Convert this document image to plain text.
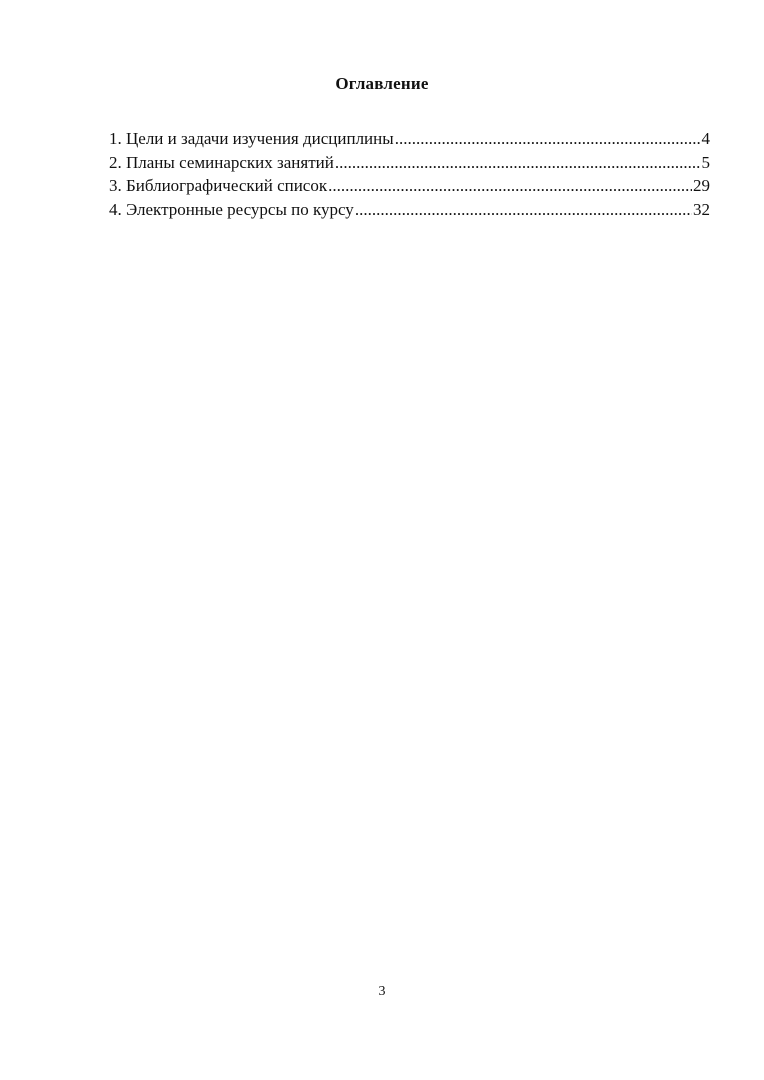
Оглавление
1. Цели и задачи изучения дисциплины .....	4
2. Планы семинарских занятий .....	5
3. Библиографический список .....	29
4. Электронные ресурсы по курсу .....	32
3
